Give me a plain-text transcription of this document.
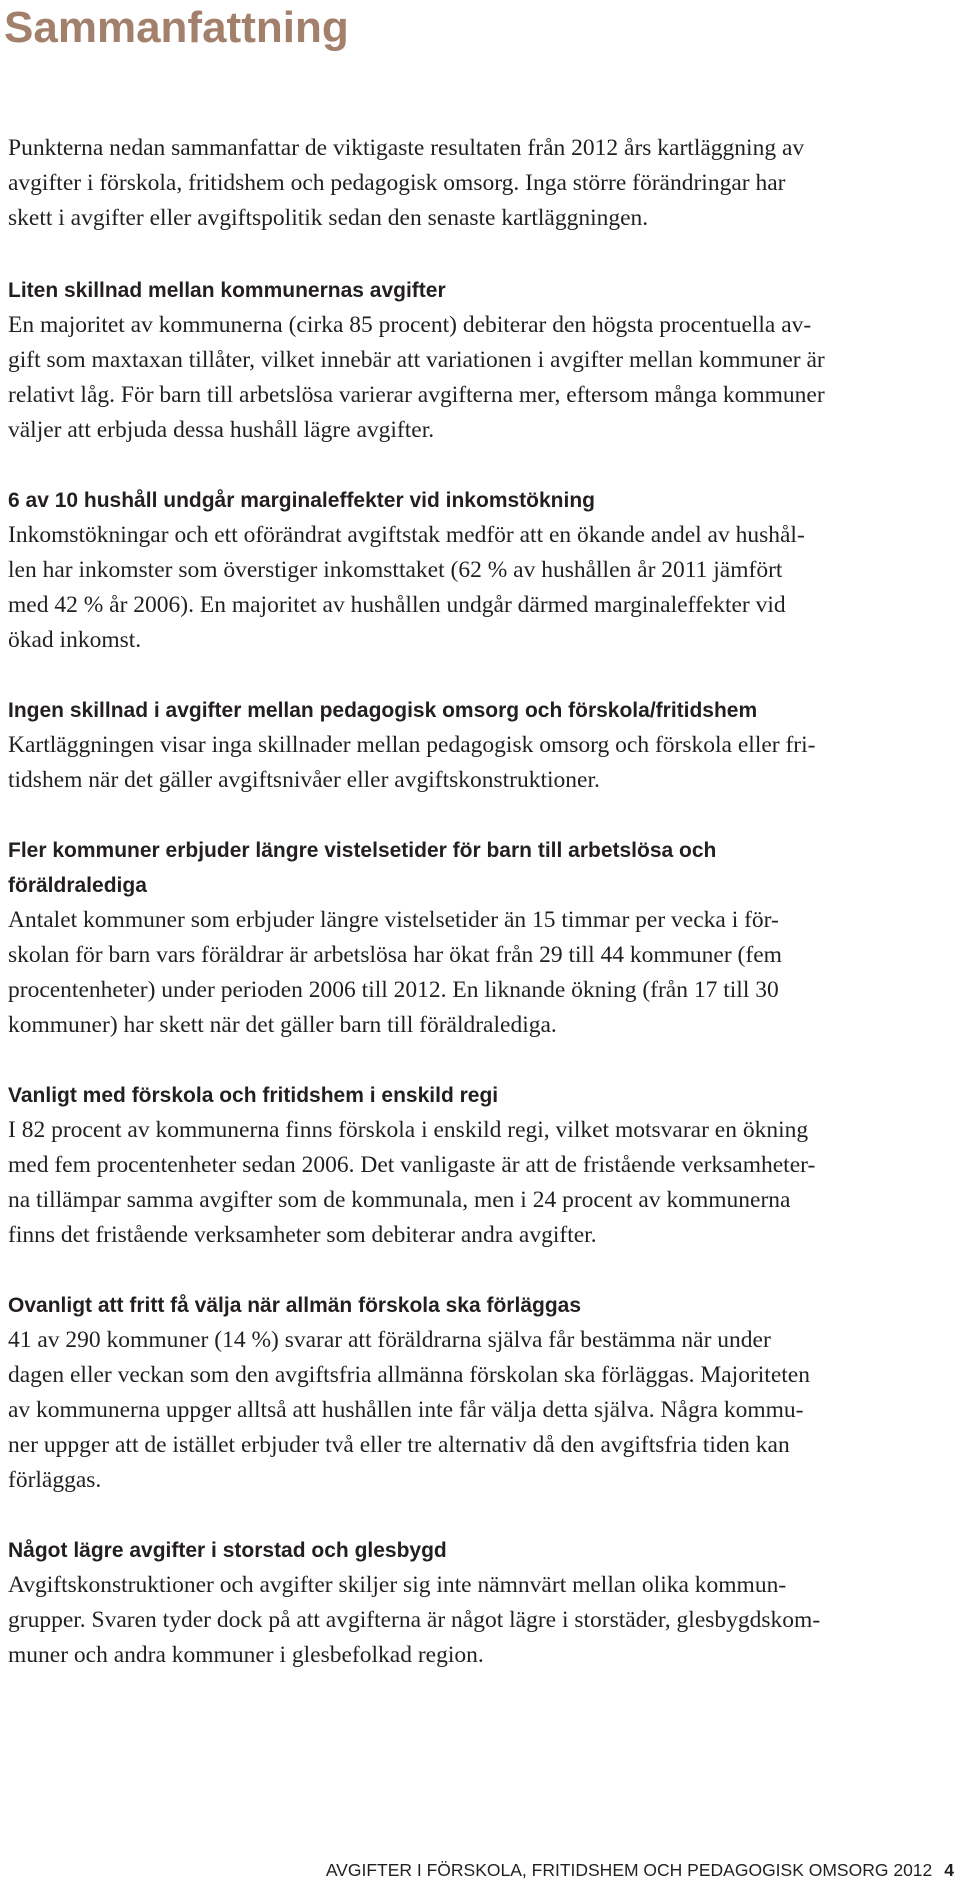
Sammanfattning

Punkterna nedan sammanfattar de viktigaste resultaten från 2012 års kartläggning av
avgifter i förskola, fritidshem och pedagogisk omsorg. Inga större förändringar har
skett i avgifter eller avgiftspolitik sedan den senaste kartläggningen.

Liten skillnad mellan kommunernas avgifter

En majoritet av kommunerna (cirka 85 procent) debiterar den högsta procentuella av-
gift som maxtaxan tillåter, vilket innebär att variationen i avgifter mellan kommuner är
relativt låg. För barn till arbetslösa varierar avgifterna mer, eftersom många kommuner
väljer att erbjuda dessa hushåll lägre avgifter.

6 av 10 hushåll undgår marginaleffekter vid inkomstökning

Inkomstökningar och ett oförändrat avgiftstak medför att en ökande andel av hushål-
len har inkomster som överstiger inkomsttaket (62 % av hushållen år 2011 jämfört
med 42 % år 2006). En majoritet av hushållen undgår därmed marginaleffekter vid
ökad inkomst.

Ingen skillnad i avgifter mellan pedagogisk omsorg och förskola/fritidshem

Kartläggningen visar inga skillnader mellan pedagogisk omsorg och förskola eller fri-
tidshem när det gäller avgiftsnivåer eller avgiftskonstruktioner.

Fler kommuner erbjuder längre vistelsetider för barn till arbetslösa och
föräldralediga

Antalet kommuner som erbjuder längre vistelsetider än 15 timmar per vecka i för-
skolan för barn vars föräldrar är arbetslösa har ökat från 29 till 44 kommuner (fem
procentenheter) under perioden 2006 till 2012. En liknande ökning (från 17 till 30
kommuner) har skett när det gäller barn till föräldralediga.

Vanligt med förskola och fritidshem i enskild regi

I 82 procent av kommunerna finns förskola i enskild regi, vilket motsvarar en ökning
med fem procentenheter sedan 2006. Det vanligaste är att de fristående verksamheter-
na tillämpar samma avgifter som de kommunala, men i 24 procent av kommunerna
finns det fristående verksamheter som debiterar andra avgifter.

Ovanligt att fritt få välja när allmän förskola ska förläggas

41 av 290 kommuner (14 %) svarar att föräldrarna själva får bestämma när under
dagen eller veckan som den avgiftsfria allmänna förskolan ska förläggas. Majoriteten
av kommunerna uppger alltså att hushållen inte får välja detta själva. Några kommu-
ner uppger att de istället erbjuder två eller tre alternativ då den avgiftsfria tiden kan
förläggas.

Något lägre avgifter i storstad och glesbygd

Avgiftskonstruktioner och avgifter skiljer sig inte nämnvärt mellan olika kommun-
grupper. Svaren tyder dock på att avgifterna är något lägre i storstäder, glesbygdskom-
muner och andra kommuner i glesbefolkad region.

AVGIFTER I FÖRSKOLA, FRITIDSHEM OCH PEDAGOGISK OMSORG 2012 4
